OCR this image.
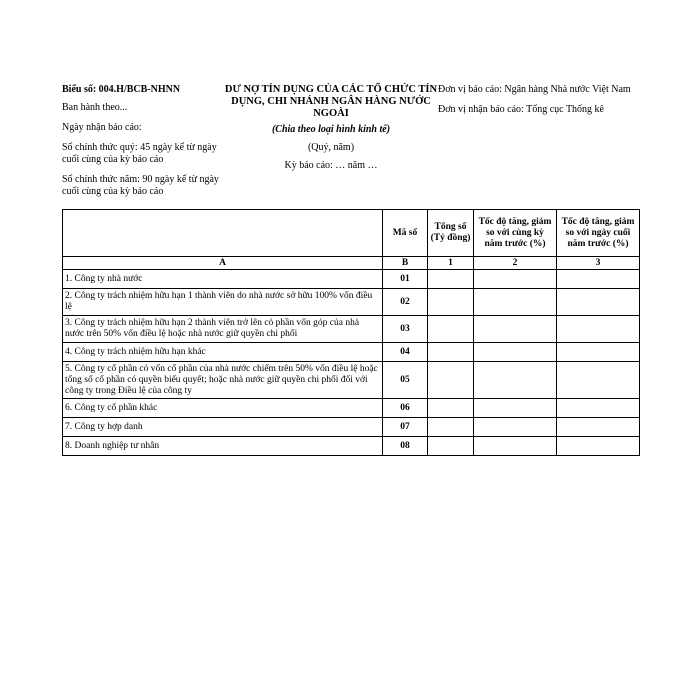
Biểu số: 004.H/BCB-NHNN
Ban hành theo...
Ngày nhận báo cáo:
Số chính thức quý: 45 ngày kể từ ngày cuối cùng của kỳ báo cáo
Số chính thức năm: 90 ngày kể từ ngày cuối cùng của kỳ báo cáo
DƯ NỢ TÍN DỤNG CỦA CÁC TỔ CHỨC TÍN DỤNG, CHI NHÁNH NGÂN HÀNG NƯỚC NGOÀI
(Chia theo loại hình kinh tế)
(Quý, năm)
Kỳ báo cáo: … năm …
Đơn vị báo cáo: Ngân hàng Nhà nước Việt Nam
Đơn vị nhận báo cáo: Tổng cục Thống kê
	Mã số	Tổng số (Tỷ đồng)	Tốc độ tăng, giảm so với cùng kỳ năm trước (%)	Tốc độ tăng, giảm so với ngày cuối năm trước (%)
A	B	1	2	3
1. Công ty nhà nước	01			
2. Công ty trách nhiệm hữu hạn 1 thành viên do nhà nước sở hữu 100% vốn điều lệ	02			
3. Công ty trách nhiệm hữu hạn 2 thành viên trở lên có phần vốn góp của nhà nước trên 50% vốn điều lệ hoặc nhà nước giữ quyền chi phối	03			
4. Công ty trách nhiệm hữu hạn khác	04			
5. Công ty cổ phần có vốn cổ phần của nhà nước chiếm trên 50% vốn điều lệ hoặc tổng số cổ phần có quyền biểu quyết; hoặc nhà nước giữ quyền chi phối đối với công ty trong Điều lệ của công ty	05			
6. Công ty cổ phần khác	06			
7. Công ty hợp danh	07			
8. Doanh nghiệp tư nhân	08			
